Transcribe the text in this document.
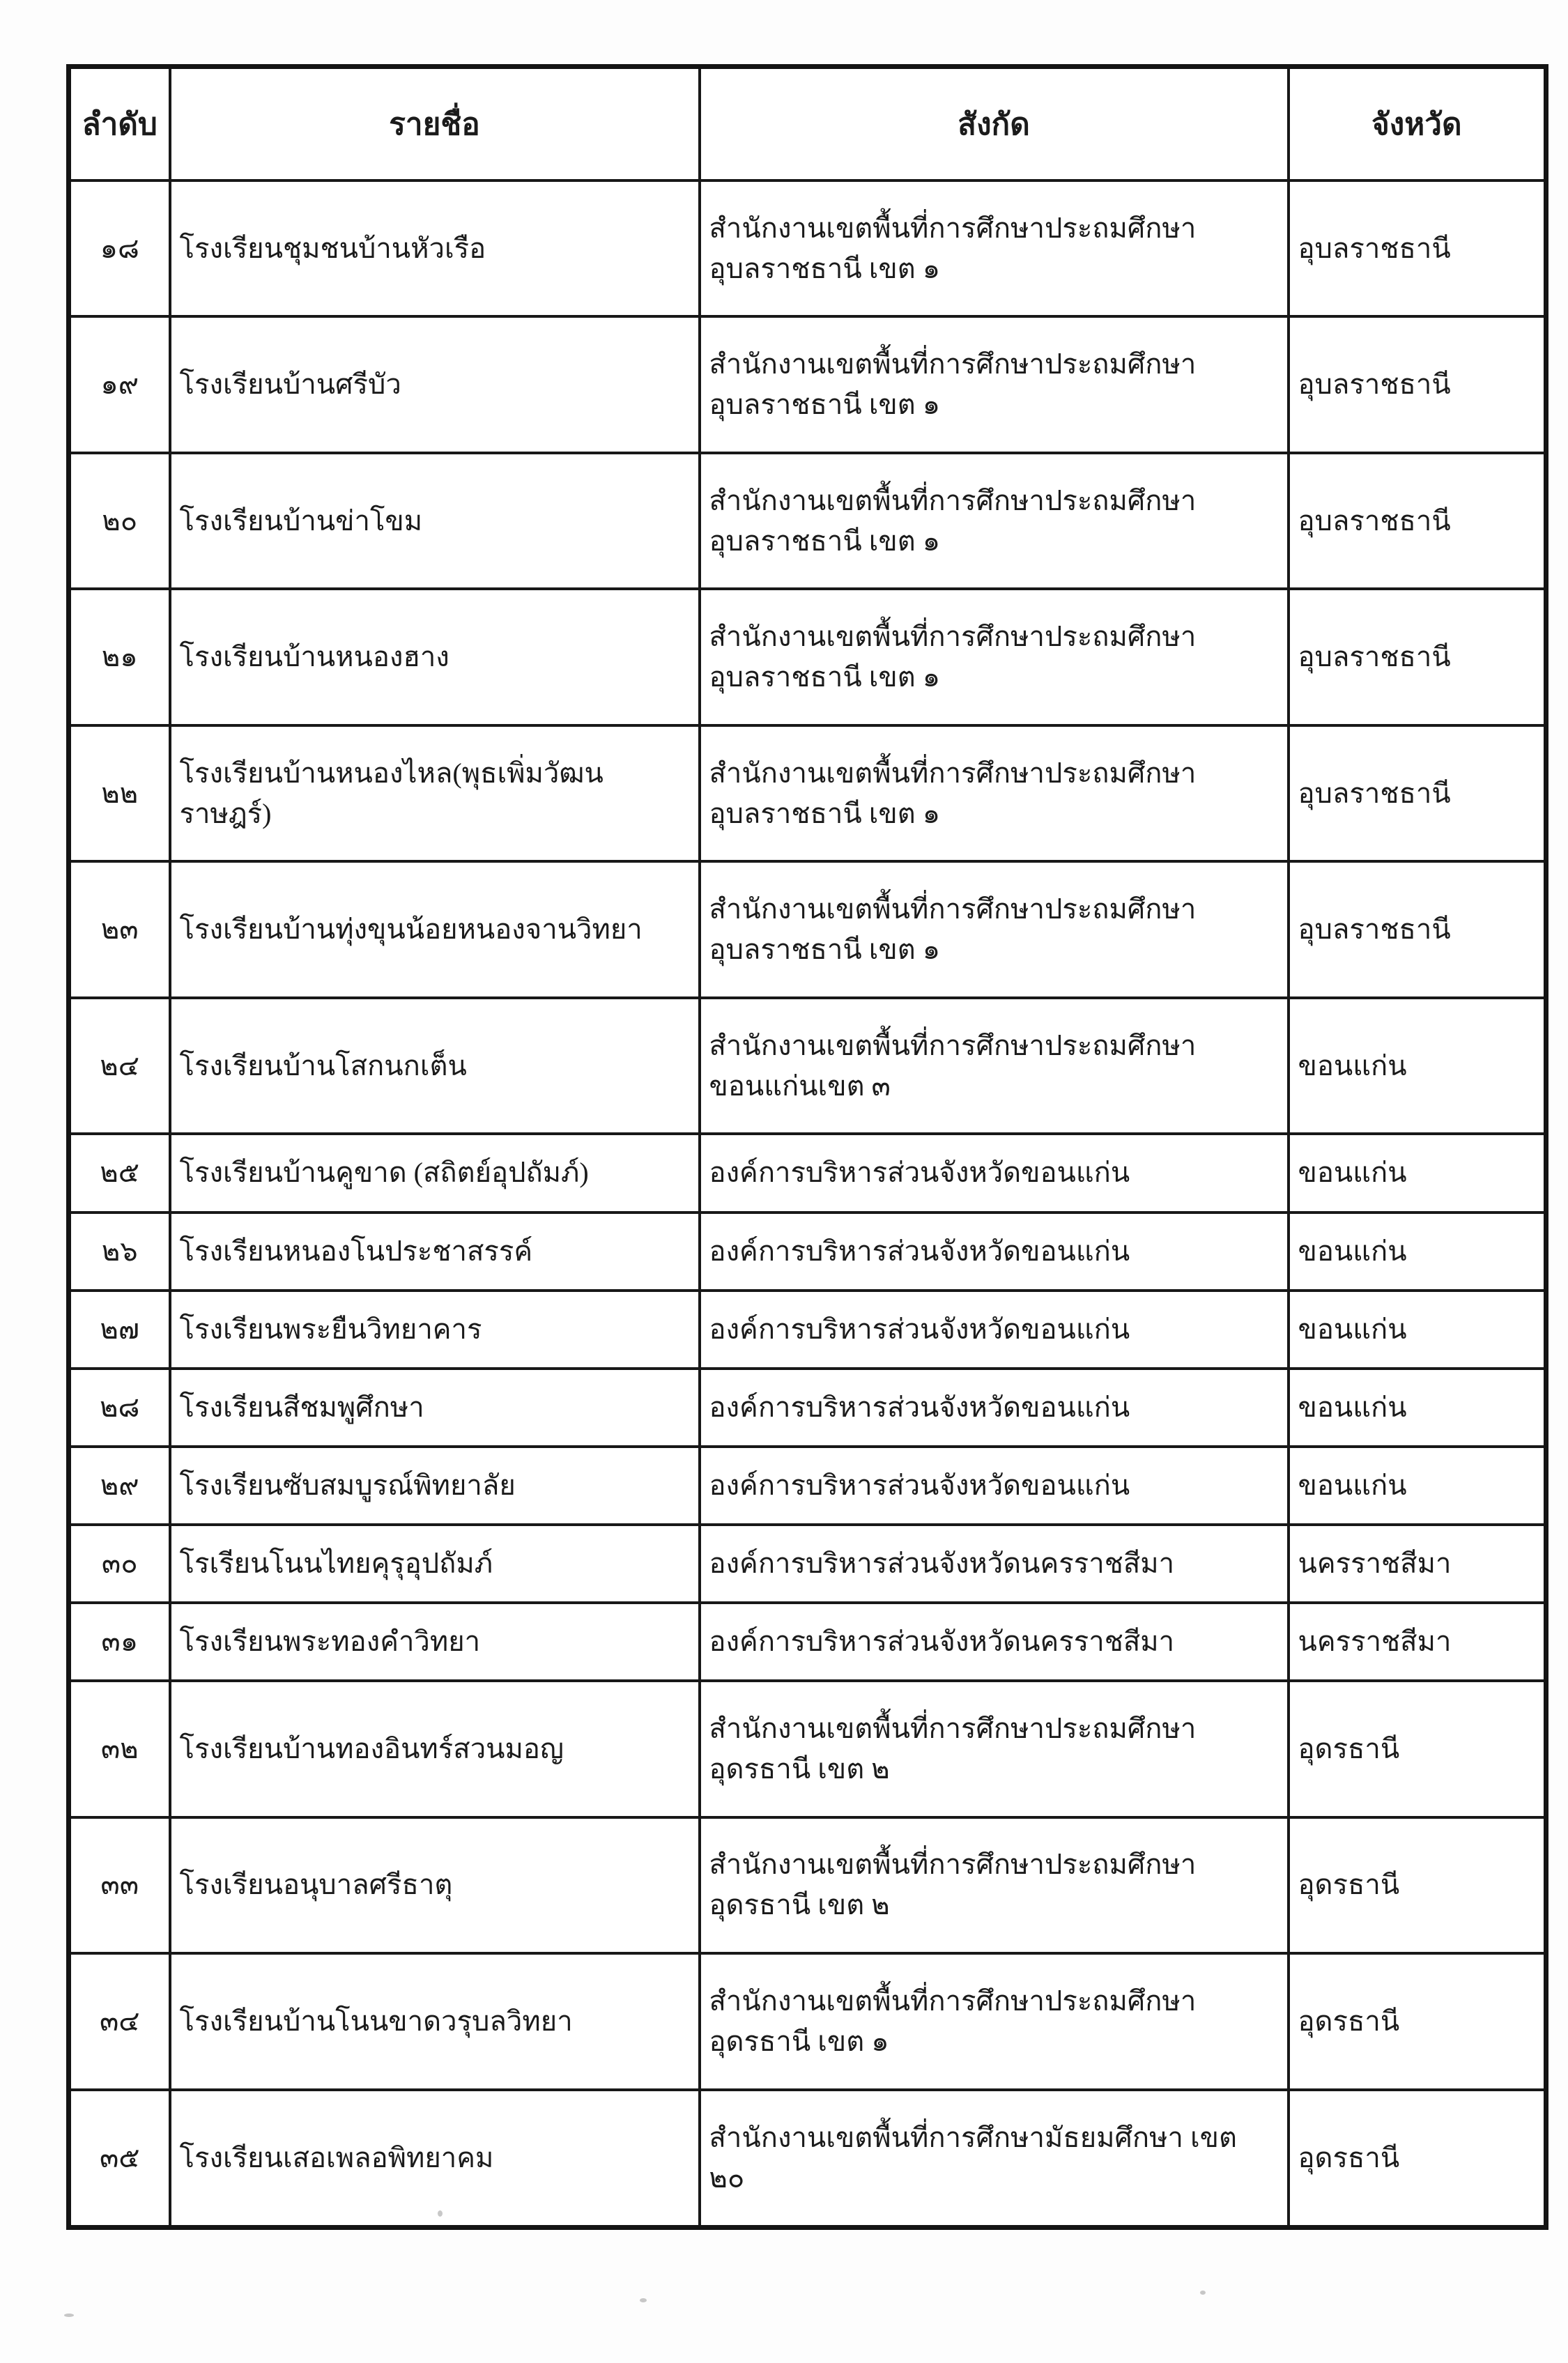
ลำดับ	รายชื่อ	สังกัด	จังหวัด
๑๘	โรงเรียนชุมชนบ้านหัวเรือ	สำนักงานเขตพื้นที่การศึกษาประถมศึกษาอุบลราชธานี เขต ๑	อุบลราชธานี
๑๙	โรงเรียนบ้านศรีบัว	สำนักงานเขตพื้นที่การศึกษาประถมศึกษาอุบลราชธานี เขต ๑	อุบลราชธานี
๒๐	โรงเรียนบ้านข่าโขม	สำนักงานเขตพื้นที่การศึกษาประถมศึกษาอุบลราชธานี เขต ๑	อุบลราชธานี
๒๑	โรงเรียนบ้านหนองฮาง	สำนักงานเขตพื้นที่การศึกษาประถมศึกษาอุบลราชธานี เขต ๑	อุบลราชธานี
๒๒	โรงเรียนบ้านหนองไหล(พุธเพิ่มวัฒนราษฎร์)	สำนักงานเขตพื้นที่การศึกษาประถมศึกษาอุบลราชธานี เขต ๑	อุบลราชธานี
๒๓	โรงเรียนบ้านทุ่งขุนน้อยหนองจานวิทยา	สำนักงานเขตพื้นที่การศึกษาประถมศึกษาอุบลราชธานี เขต ๑	อุบลราชธานี
๒๔	โรงเรียนบ้านโสกนกเต็น	สำนักงานเขตพื้นที่การศึกษาประถมศึกษาขอนแก่นเขต ๓	ขอนแก่น
๒๕	โรงเรียนบ้านคูขาด (สถิตย์อุปถัมภ์)	องค์การบริหารส่วนจังหวัดขอนแก่น	ขอนแก่น
๒๖	โรงเรียนหนองโนประชาสรรค์	องค์การบริหารส่วนจังหวัดขอนแก่น	ขอนแก่น
๒๗	โรงเรียนพระยืนวิทยาคาร	องค์การบริหารส่วนจังหวัดขอนแก่น	ขอนแก่น
๒๘	โรงเรียนสีชมพูศึกษา	องค์การบริหารส่วนจังหวัดขอนแก่น	ขอนแก่น
๒๙	โรงเรียนซับสมบูรณ์พิทยาลัย	องค์การบริหารส่วนจังหวัดขอนแก่น	ขอนแก่น
๓๐	โรเรียนโนนไทยคุรุอุปถัมภ์	องค์การบริหารส่วนจังหวัดนครราชสีมา	นครราชสีมา
๓๑	โรงเรียนพระทองคำวิทยา	องค์การบริหารส่วนจังหวัดนครราชสีมา	นครราชสีมา
๓๒	โรงเรียนบ้านทองอินทร์สวนมอญ	สำนักงานเขตพื้นที่การศึกษาประถมศึกษาอุดรธานี เขต ๒	อุดรธานี
๓๓	โรงเรียนอนุบาลศรีธาตุ	สำนักงานเขตพื้นที่การศึกษาประถมศึกษาอุดรธานี เขต ๒	อุดรธานี
๓๔	โรงเรียนบ้านโนนขาดวรุบลวิทยา	สำนักงานเขตพื้นที่การศึกษาประถมศึกษาอุดรธานี เขต ๑	อุดรธานี
๓๕	โรงเรียนเสอเพลอพิทยาคม	สำนักงานเขตพื้นที่การศึกษามัธยมศึกษา เขต ๒๐	อุดรธานี
